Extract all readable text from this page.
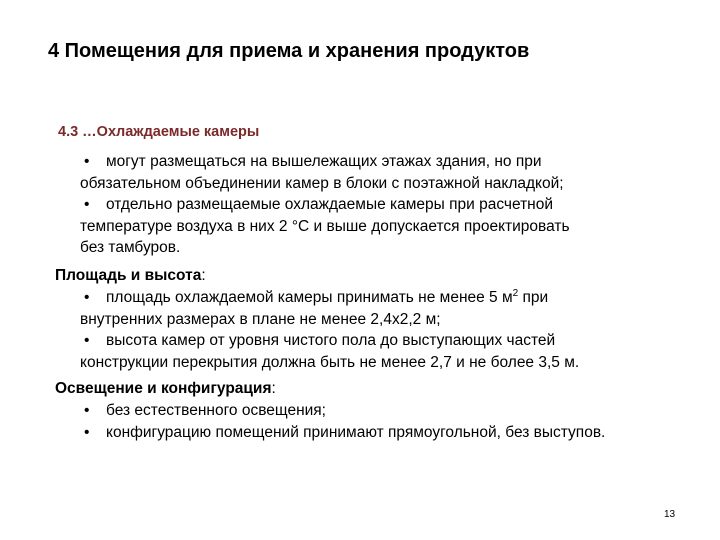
4 Помещения для приема и хранения продуктов
4.3 …Охлаждаемые камеры
• могут размещаться на вышележащих этажах здания, но при
обязательном объединении камер в блоки с поэтажной накладкой;
• отдельно размещаемые охлаждаемые камеры при расчетной
температуре воздуха в них 2 °С и выше допускается проектировать
без тамбуров.
Площадь и высота:
• площадь охлаждаемой камеры принимать не менее 5 $м^2$ при
внутренних размерах в плане не менее 2,4х2,2 м;
• высота камер от уровня чистого пола до выступающих частей
конструкции перекрытия должна быть не менее 2,7 и не более 3,5 м.
Освещение и конфигурация:
• без естественного освещения;
• конфигурацию помещений принимают прямоугольной, без выступов.
13
